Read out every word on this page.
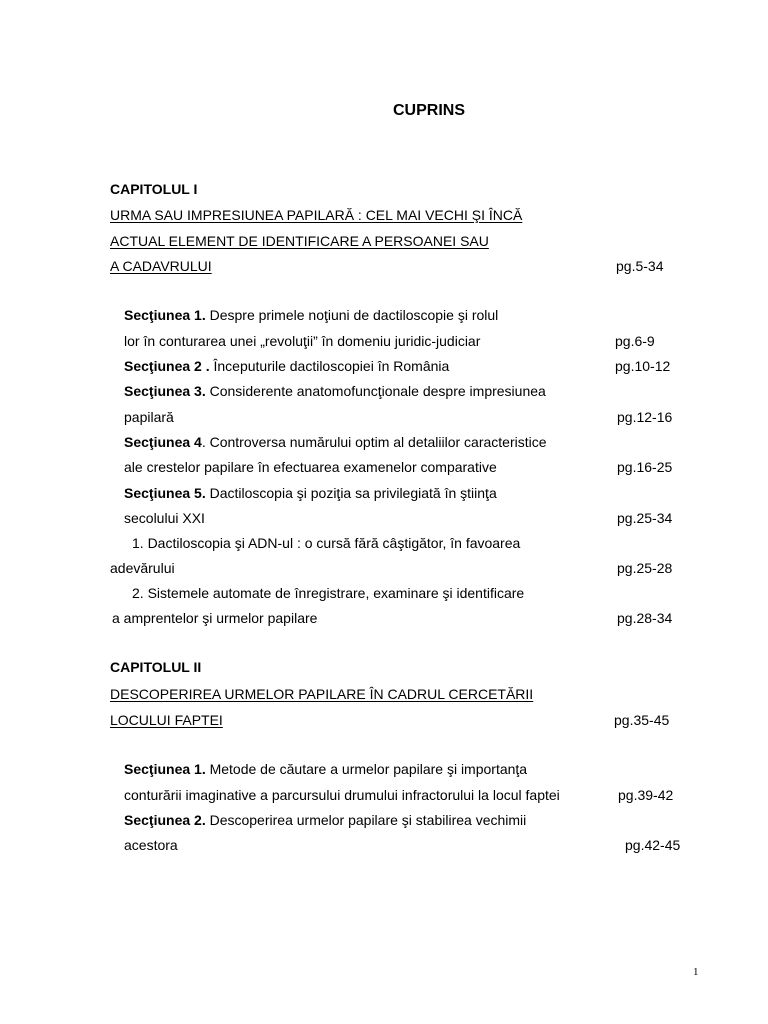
CUPRINS
CAPITOLUL I
URMA SAU IMPRESIUNEA PAPILARĂ : CEL MAI VECHI ŞI ÎNCĂ
ACTUAL ELEMENT DE IDENTIFICARE A PERSOANEI SAU
A CADAVRULUI	pg.5-34
Secţiunea 1. Despre primele noţiuni de dactiloscopie şi rolul
lor în conturarea unei „revoluţii” în domeniu juridic-judiciar	pg.6-9
Secţiunea 2 . Începuturile dactiloscopiei în România	pg.10-12
Secţiunea 3. Considerente anatomofuncţionale despre impresiunea
papilară	pg.12-16
Secţiunea 4. Controversa numărului optim al detaliilor caracteristice
ale crestelor papilare în efectuarea examenelor comparative	pg.16-25
Secţiunea 5. Dactiloscopia şi poziţia sa privilegiată în ştiinţa
secolului XXI	pg.25-34
1. Dactiloscopia şi ADN-ul : o cursă fără câştigător, în favoarea
adevărului	pg.25-28
2. Sistemele automate de înregistrare, examinare şi identificare
a amprentelor şi urmelor papilare	pg.28-34
CAPITOLUL II
DESCOPERIREA URMELOR PAPILARE ÎN CADRUL CERCETĂRII
LOCULUI FAPTEI	pg.35-45
Secţiunea 1. Metode de căutare a urmelor papilare şi importanţa
conturării imaginative a parcursului drumului infractorului la locul faptei	pg.39-42
Secţiunea 2. Descoperirea urmelor papilare şi stabilirea vechimii
acestora	pg.42-45
1
